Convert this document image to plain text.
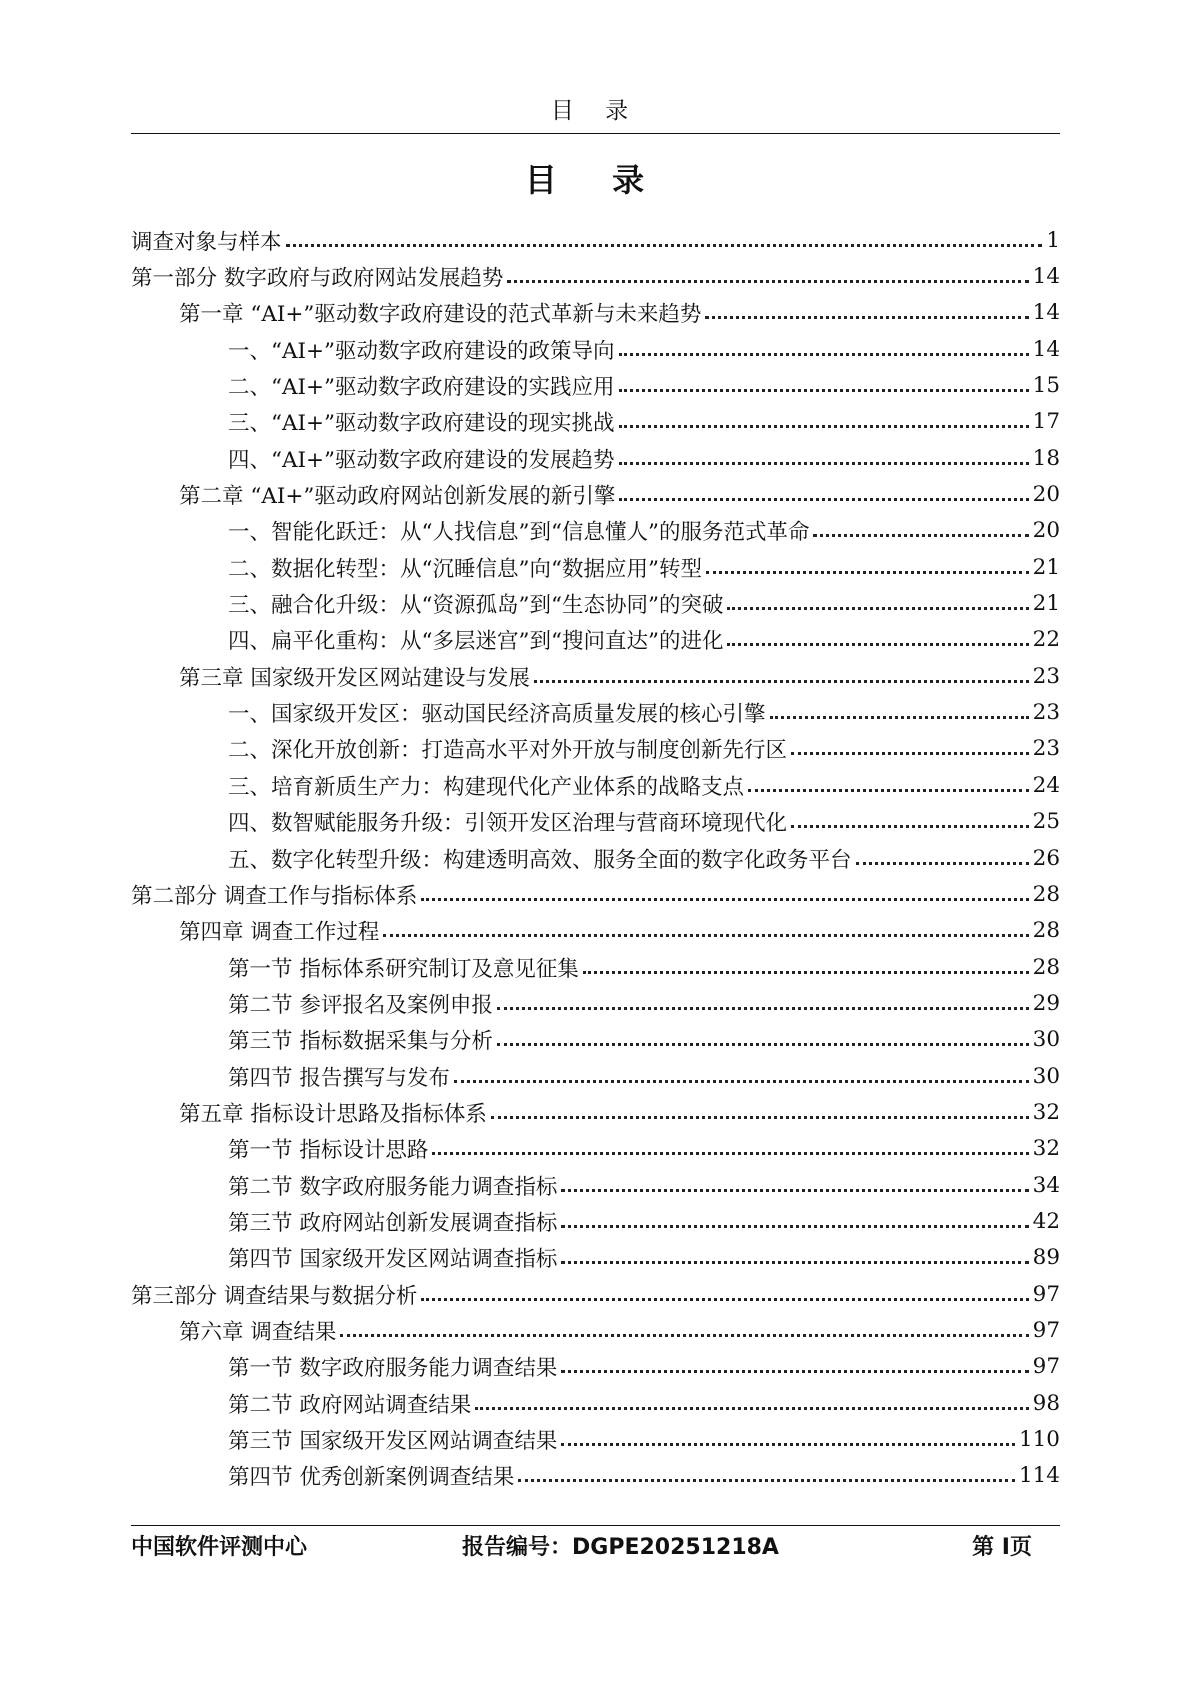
目 录
目 录
调查对象与样本	1
第一部分 数字政府与政府网站发展趋势	14
第一章 “AI+”驱动数字政府建设的范式革新与未来趋势	14
一、“AI+”驱动数字政府建设的政策导向	14
二、“AI+”驱动数字政府建设的实践应用	15
三、“AI+”驱动数字政府建设的现实挑战	17
四、“AI+”驱动数字政府建设的发展趋势	18
第二章 “AI+”驱动政府网站创新发展的新引擎	20
一、智能化跃迁：从“人找信息”到“信息懂人”的服务范式革命	20
二、数据化转型：从“沉睡信息”向“数据应用”转型	21
三、融合化升级：从“资源孤岛”到“生态协同”的突破	21
四、扁平化重构：从“多层迷宫”到“搜问直达”的进化	22
第三章 国家级开发区网站建设与发展	23
一、国家级开发区：驱动国民经济高质量发展的核心引擎	23
二、深化开放创新：打造高水平对外开放与制度创新先行区	23
三、培育新质生产力：构建现代化产业体系的战略支点	24
四、数智赋能服务升级：引领开发区治理与营商环境现代化	25
五、数字化转型升级：构建透明高效、服务全面的数字化政务平台	26
第二部分 调查工作与指标体系	28
第四章 调查工作过程	28
第一节 指标体系研究制订及意见征集	28
第二节 参评报名及案例申报	29
第三节 指标数据采集与分析	30
第四节 报告撰写与发布	30
第五章 指标设计思路及指标体系	32
第一节 指标设计思路	32
第二节 数字政府服务能力调查指标	34
第三节 政府网站创新发展调查指标	42
第四节 国家级开发区网站调查指标	89
第三部分 调查结果与数据分析	97
第六章 调查结果	97
第一节 数字政府服务能力调查结果	97
第二节 政府网站调查结果	98
第三节 国家级开发区网站调查结果	110
第四节 优秀创新案例调查结果	114
中国软件评测中心	报告编号：DGPE20251218A	第 I页
